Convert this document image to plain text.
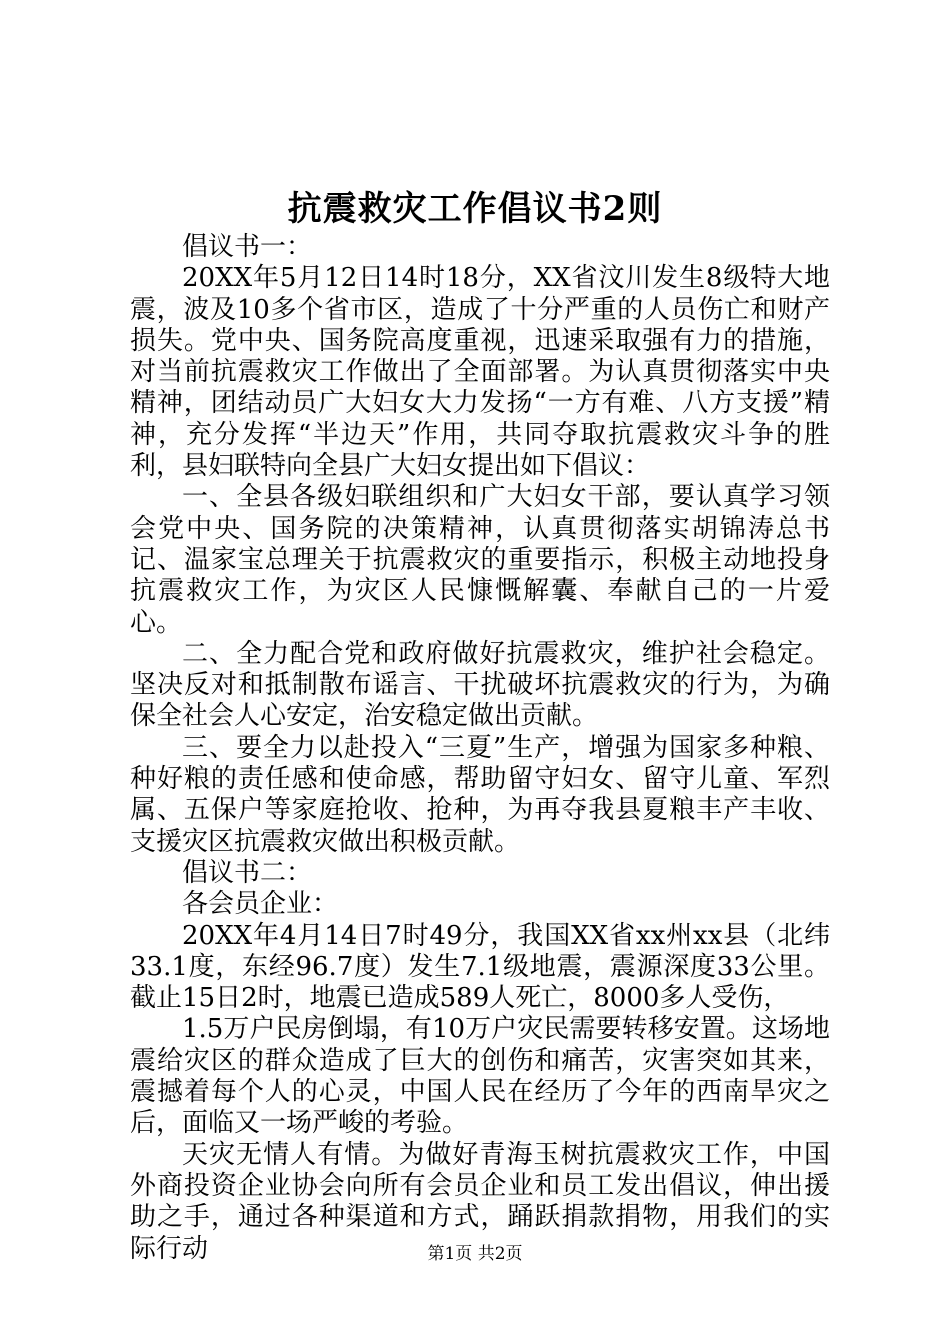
抗震救灾工作倡议书2则

倡议书一：

20XX年5月12日14时18分，XX省汶川发生8级特大地震，波及10多个省市区，造成了十分严重的人员伤亡和财产损失。党中央、国务院高度重视，迅速采取强有力的措施，对当前抗震救灾工作做出了全面部署。为认真贯彻落实中央精神，团结动员广大妇女大力发扬“一方有难、八方支援”精神，充分发挥“半边天”作用，共同夺取抗震救灾斗争的胜利，县妇联特向全县广大妇女提出如下倡议：

一、全县各级妇联组织和广大妇女干部，要认真学习领会党中央、国务院的决策精神，认真贯彻落实胡锦涛总书记、温家宝总理关于抗震救灾的重要指示，积极主动地投身抗震救灾工作，为灾区人民慷慨解囊、奉献自己的一片爱心。

二、全力配合党和政府做好抗震救灾，维护社会稳定。坚决反对和抵制散布谣言、干扰破坏抗震救灾的行为，为确保全社会人心安定，治安稳定做出贡献。

三、要全力以赴投入“三夏”生产，增强为国家多种粮、种好粮的责任感和使命感，帮助留守妇女、留守儿童、军烈属、五保户等家庭抢收、抢种，为再夺我县夏粮丰产丰收、支援灾区抗震救灾做出积极贡献。

倡议书二：

各会员企业：

20XX年4月14日7时49分，我国XX省xx州xx县（北纬33.1度，东经96.7度）发生7.1级地震，震源深度33公里。截止15日2时，地震已造成589人死亡，8000多人受伤，

1.5万户民房倒塌，有10万户灾民需要转移安置。这场地震给灾区的群众造成了巨大的创伤和痛苦，灾害突如其来，震撼着每个人的心灵，中国人民在经历了今年的西南旱灾之后，面临又一场严峻的考验。

天灾无情人有情。为做好青海玉树抗震救灾工作，中国外商投资企业协会向所有会员企业和员工发出倡议，伸出援助之手，通过各种渠道和方式，踊跃捐款捐物，用我们的实际行动	第1页 共2页
